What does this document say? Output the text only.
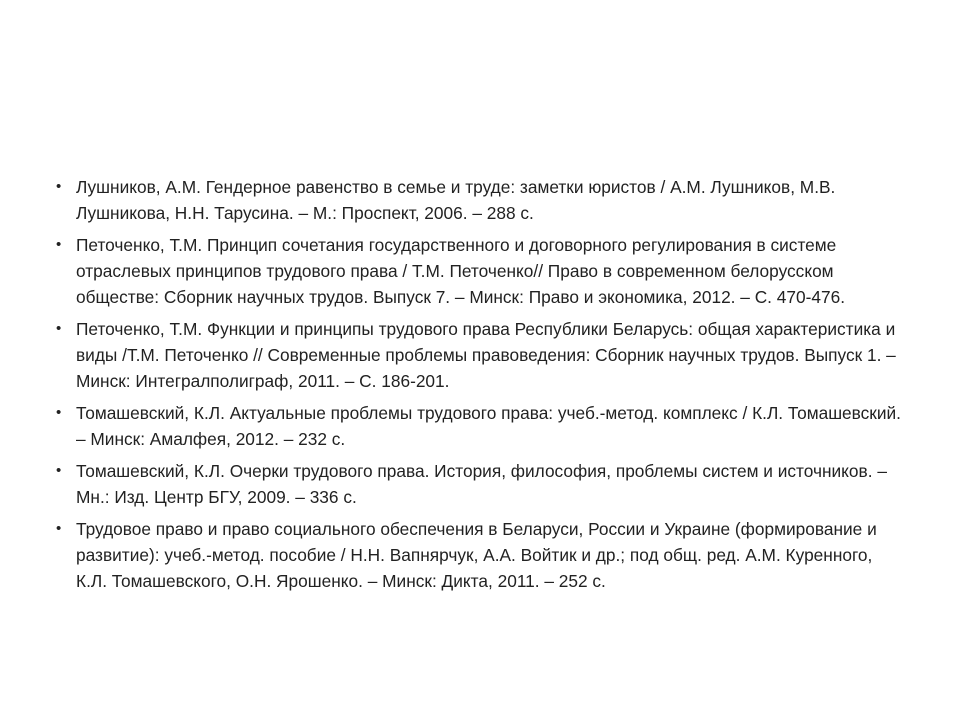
• Лушников, А.М. Гендерное равенство в семье и труде: заметки юристов / А.М. Лушников, М.В. Лушникова, Н.Н. Тарусина. – М.: Проспект, 2006. – 288 с.
• Петоченко, Т.М. Принцип сочетания государственного и договорного регулирования в системе отраслевых принципов трудового права / Т.М. Петоченко// Право в современном белорусском обществе: Сборник научных трудов. Выпуск 7. – Минск: Право и экономика, 2012. – С. 470-476.
• Петоченко, Т.М. Функции и принципы трудового права Республики Беларусь: общая характеристика и виды /Т.М. Петоченко // Современные проблемы правоведения: Сборник научных трудов. Выпуск 1. – Минск: Интегралполиграф, 2011. – С. 186-201.
• Томашевский, К.Л. Актуальные проблемы трудового права: учеб.-метод. комплекс / К.Л. Томашевский. – Минск: Амалфея, 2012. – 232 с.
• Томашевский, К.Л. Очерки трудового права. История, философия, проблемы систем и источников. – Мн.: Изд. Центр БГУ, 2009. – 336 с.
• Трудовое право и право социального обеспечения в Беларуси, России и Украине (формирование и развитие): учеб.-метод. пособие / Н.Н. Вапнярчук, А.А. Войтик и др.; под общ. ред. А.М. Куренного, К.Л. Томашевского, О.Н. Ярошенко. – Минск: Дикта, 2011. – 252 с.
